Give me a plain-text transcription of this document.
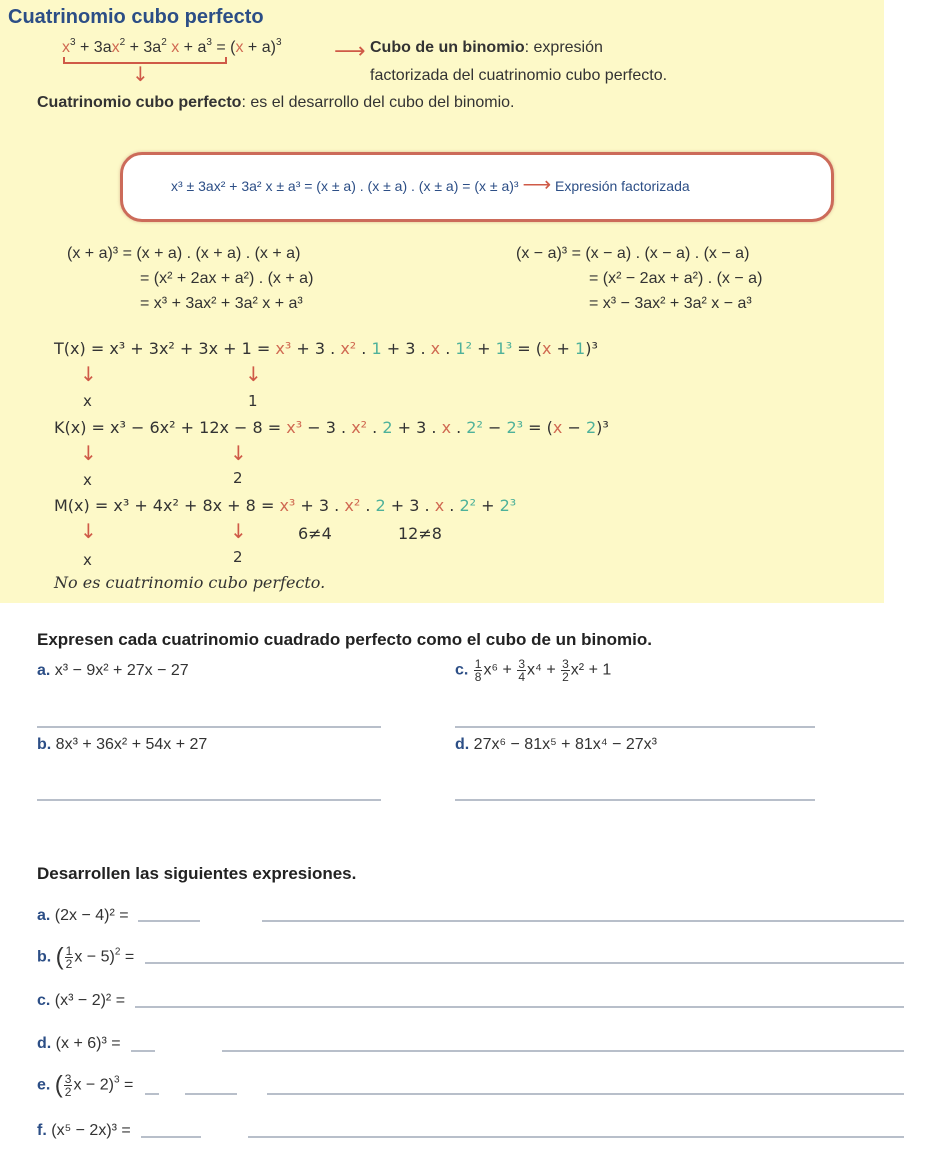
Cuatrinomio cubo perfecto
$x^3 + 3ax^2 + 3a^2$ $x + a^3 = (x + a)^3$
↓
⟶ Cubo de un binomio: expresión
factorizada del cuatrinomio cubo perfecto.
Cuatrinomio cubo perfecto: es el desarrollo del cubo del binomio.
x³ ± 3ax² + 3a² x ± a³ = (x ± a) . (x ± a) . (x ± a) = (x ± a)³ ⟶ Expresión factorizada
(x + a)³ = (x + a) . (x + a) . (x + a)
= (x² + 2ax + a²) . (x + a)
= x³ + 3ax² + 3a² x + a³
(x − a)³ = (x − a) . (x − a) . (x − a)
= (x² − 2ax + a²) . (x − a)
= x³ − 3ax² + 3a² x − a³
T(x) = x³ + 3x² + 3x + 1 = x³ + 3 . x² . 1 + 3 . x . 1² + 1³ = (x + 1)³
↓	↓
x	1
K(x) = x³ − 6x² + 12x − 8 = x³ − 3 . x² . 2 + 3 . x . 2² − 2³ = (x − 2)³
↓	↓
x	2
M(x) = x³ + 4x² + 8x + 8 = x³ + 3 . x² . 2 + 3 . x . 2² + 2³
↓	↓	6≠4	12≠8
x	2
No es cuatrinomio cubo perfecto.
Expresen cada cuatrinomio cuadrado perfecto como el cubo de un binomio.
a. x³ − 9x² + 27x − 27
b. 8x³ + 36x² + 54x + 27
c. $\frac{1}{8} x^6 + \frac{3}{4} x^4 + \frac{3}{2} x^2 + 1$
d. 27x⁶ − 81x⁵ + 81x⁴ − 27x³
Desarrollen las siguientes expresiones.
a. (2x − 4)² =
b. ( $\frac{1}{2}$ x − 5)$^2$ =
c. (x³ − 2)² =
d. (x + 6)³ =
e. ( $\frac{3}{2}$ x − 2)$^3$ =
f. (x⁵ − 2x)³ =
